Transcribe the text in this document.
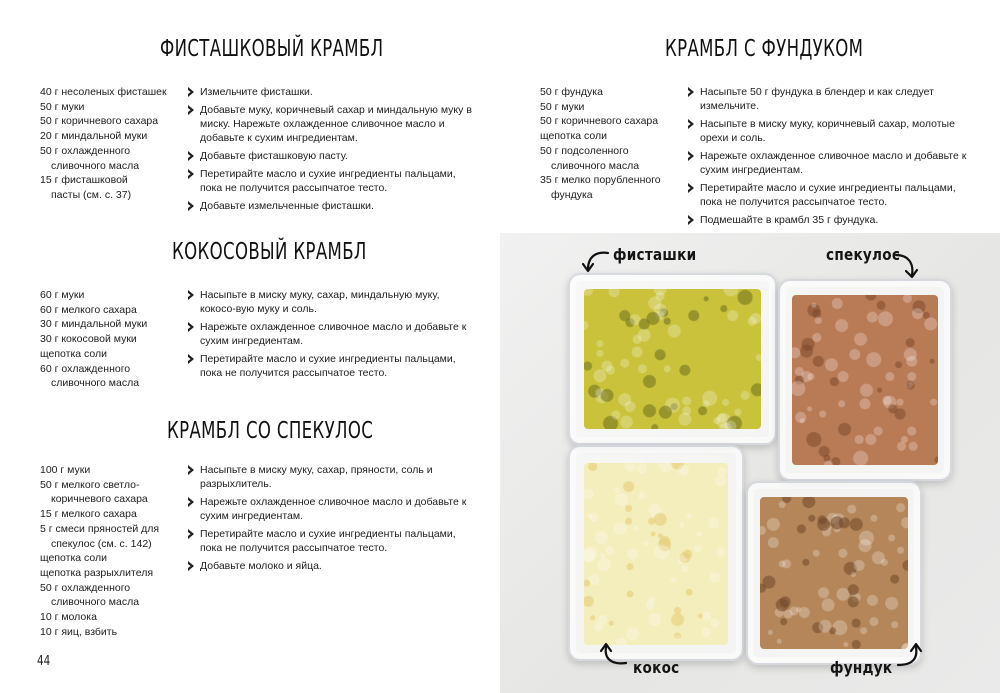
ФИСТАШКОВЫЙ КРАМБЛ
40 г несоленых фисташек
50 г муки
50 г коричневого сахара
20 г миндальной муки
50 г охлажденного
сливочного масла
15 г фисташковой
пасты (см. с. 37)
Измельчите фисташки.
Добавьте муку, коричневый сахар и миндальную муку в миску. Нарежьте охлажденное сливочное масло и добавьте к сухим ингредиентам.
Добавьте фисташковую пасту.
Перетирайте масло и сухие ингредиенты пальцами, пока не получится рассыпчатое тесто.
Добавьте измельченные фисташки.
КОКОСОВЫЙ КРАМБЛ
60 г муки
60 г мелкого сахара
30 г миндальной муки
30 г кокосовой муки
щепотка соли
60 г охлажденного
сливочного масла
Насыпьте в миску муку, сахар, миндальную муку, кокосо-вую муку и соль.
Нарежьте охлажденное сливочное масло и добавьте к сухим ингредиентам.
Перетирайте масло и сухие ингредиенты пальцами, пока не получится рассыпчатое тесто.
КРАМБЛ СО СПЕКУЛОС
100 г муки
50 г мелкого светло-
коричневого сахара
15 г мелкого сахара
5 г смеси пряностей для
спекулос (см. с. 142)
щепотка соли
щепотка разрыхлителя
50 г охлажденного
сливочного масла
10 г молока
10 г яиц, взбить
Насыпьте в миску муку, сахар, пряности, соль и разрыхлитель.
Нарежьте охлажденное сливочное масло и добавьте к сухим ингредиентам.
Перетирайте масло и сухие ингредиенты пальцами, пока не получится рассыпчатое тесто.
Добавьте молоко и яйца.
44
КРАМБЛ С ФУНДУКОМ
50 г фундука
50 г муки
50 г коричневого сахара
щепотка соли
50 г подсоленного
сливочного масла
35 г мелко порубленного
фундука
Насыпьте 50 г фундука в блендер и как следует измельчите.
Насыпьте в миску муку, коричневый сахар, молотые орехи и соль.
Нарежьте охлажденное сливочное масло и добавьте к сухим ингредиентам.
Перетирайте масло и сухие ингредиенты пальцами, пока не получится рассыпчатое тесто.
Подмешайте в крамбл 35 г фундука.
фисташки	спекулос
кокос	фундук
